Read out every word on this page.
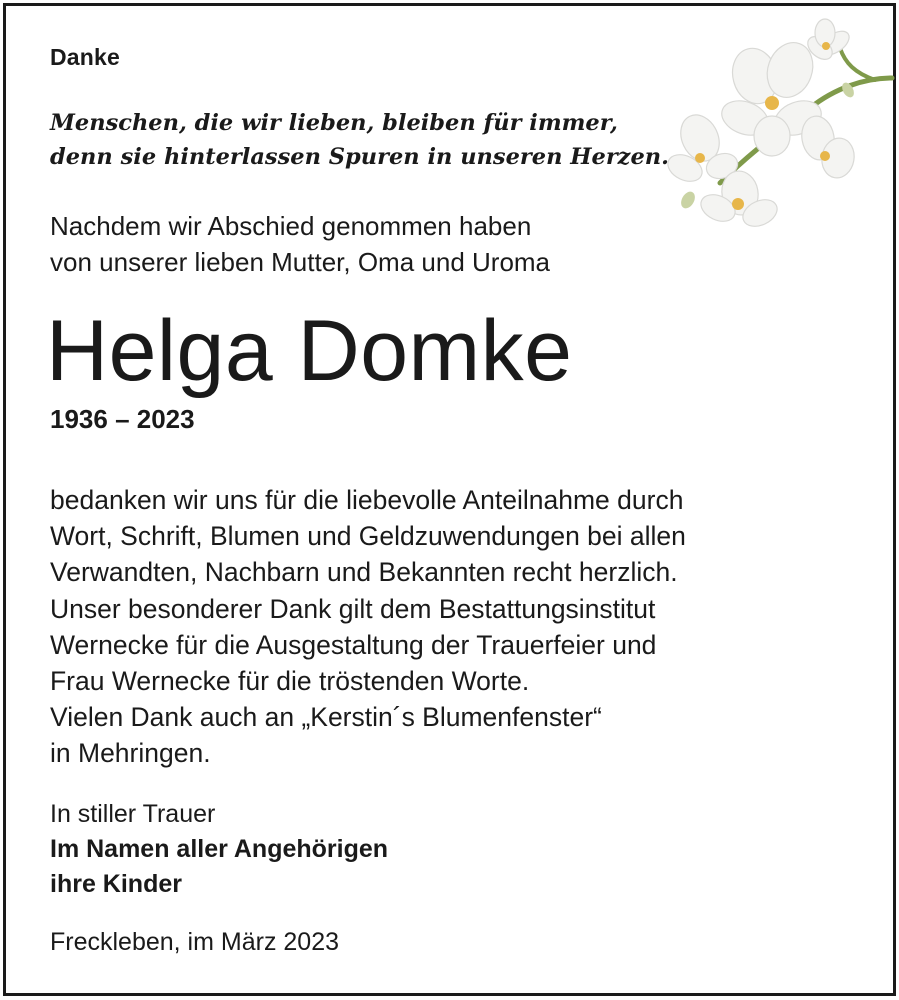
Danke
Menschen, die wir lieben, bleiben für immer,
denn sie hinterlassen Spuren in unseren Herzen.
Nachdem wir Abschied genommen haben
von unserer lieben Mutter, Oma und Uroma
Helga Domke
1936 – 2023
bedanken wir uns für die liebevolle Anteilnahme durch
Wort, Schrift, Blumen und Geldzuwendungen bei allen
Verwandten, Nachbarn und Bekannten recht herzlich.
Unser besonderer Dank gilt dem Bestattungsinstitut
Wernecke für die Ausgestaltung der Trauerfeier und
Frau Wernecke für die tröstenden Worte.
Vielen Dank auch an „Kerstin´s Blumenfenster“
in Mehringen.
In stiller Trauer
Im Namen aller Angehörigen
ihre Kinder
Freckleben, im März 2023
